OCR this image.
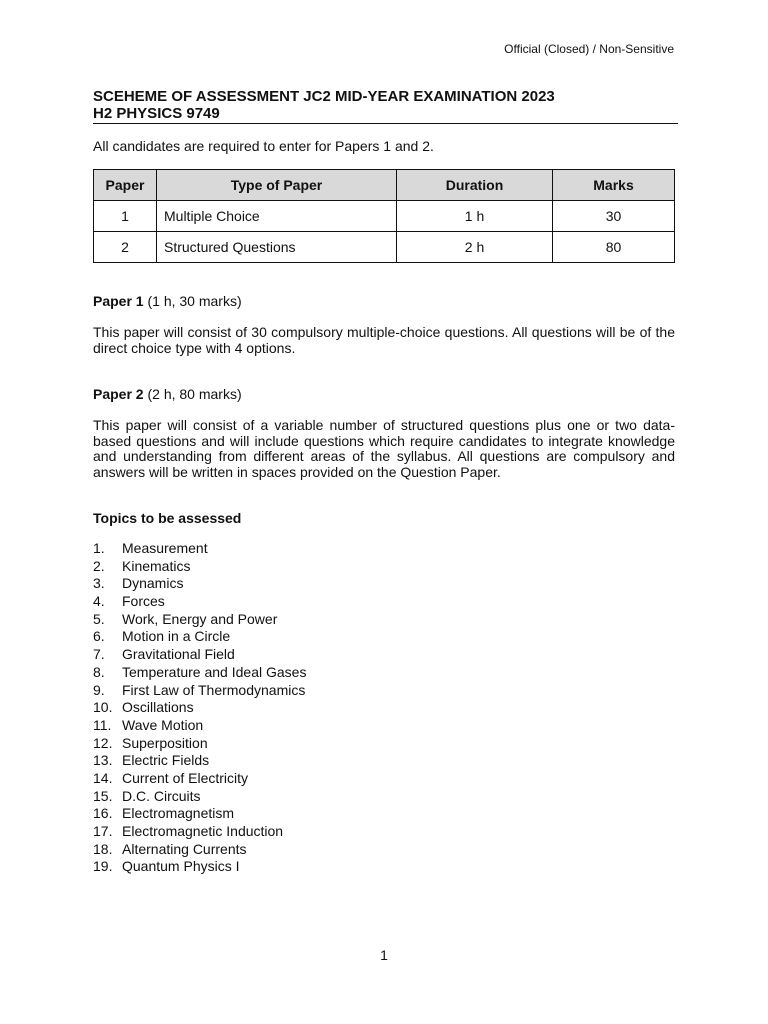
Official (Closed) / Non-Sensitive
SCEHEME OF ASSESSMENT JC2 MID-YEAR EXAMINATION 2023
H2 PHYSICS 9749
All candidates are required to enter for Papers 1 and 2.
Paper	Type of Paper	Duration	Marks
1	Multiple Choice	1 h	30
2	Structured Questions	2 h	80
Paper 1 (1 h, 30 marks)
This paper will consist of 30 compulsory multiple-choice questions. All questions will be of the direct choice type with 4 options.
Paper 2 (2 h, 80 marks)
This paper will consist of a variable number of structured questions plus one or two data-based questions and will include questions which require candidates to integrate knowledge and understanding from different areas of the syllabus. All questions are compulsory and answers will be written in spaces provided on the Question Paper.
Topics to be assessed
1.	Measurement
2.	Kinematics
3.	Dynamics
4.	Forces
5.	Work, Energy and Power
6.	Motion in a Circle
7.	Gravitational Field
8.	Temperature and Ideal Gases
9.	First Law of Thermodynamics
10. Oscillations
11. Wave Motion
12. Superposition
13. Electric Fields
14. Current of Electricity
15. D.C. Circuits
16. Electromagnetism
17. Electromagnetic Induction
18. Alternating Currents
19. Quantum Physics I
1
